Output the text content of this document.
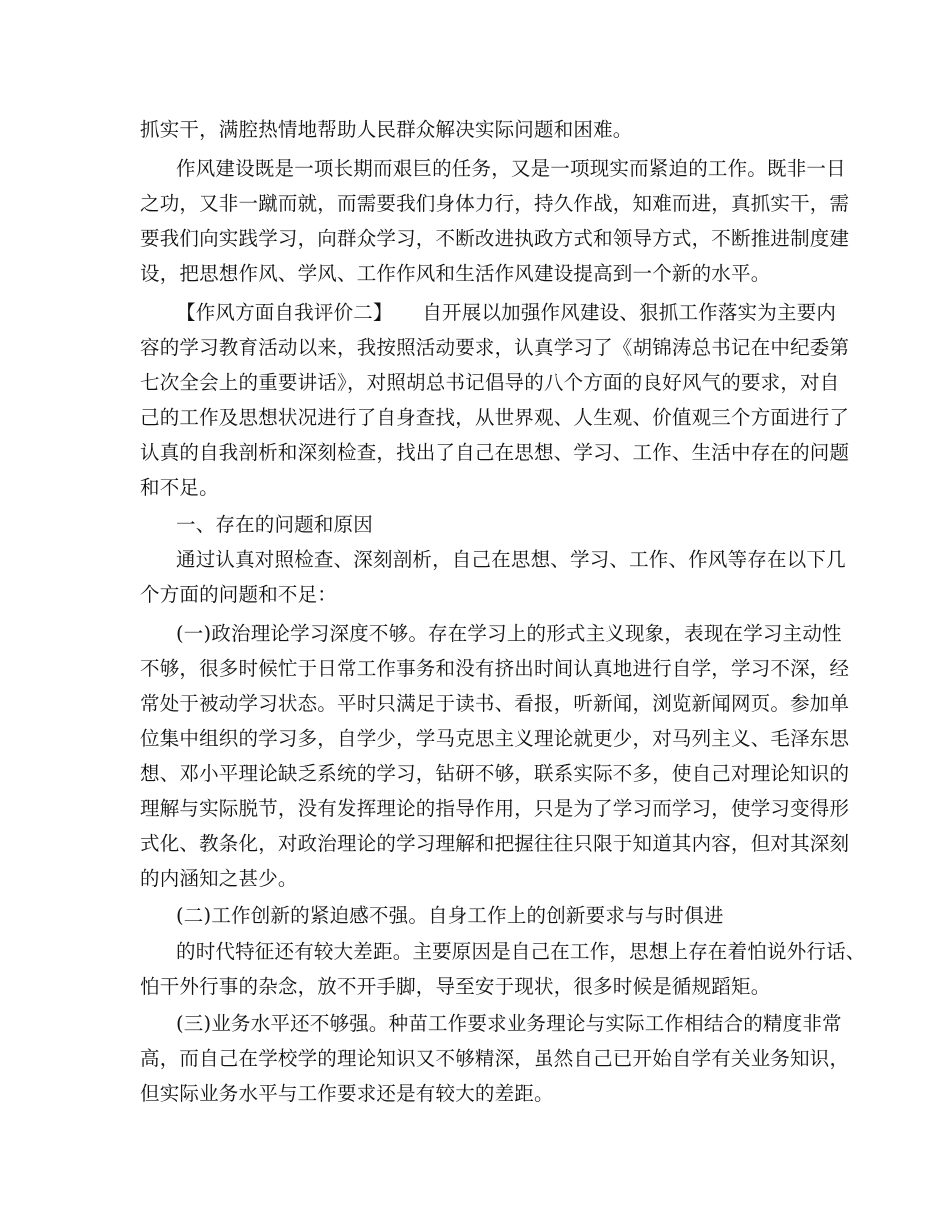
抓实干，满腔热情地帮助人民群众解决实际问题和困难。
作风建设既是一项长期而艰巨的任务，又是一项现实而紧迫的工作。既非一日
之功，又非一蹴而就，而需要我们身体力行，持久作战，知难而进，真抓实干，需
要我们向实践学习，向群众学习，不断改进执政方式和领导方式，不断推进制度建
设，把思想作风、学风、工作作风和生活作风建设提高到一个新的水平。
【作风方面自我评价二】　　自开展以加强作风建设、狠抓工作落实为主要内
容的学习教育活动以来，我按照活动要求，认真学习了《胡锦涛总书记在中纪委第
七次全会上的重要讲话》，对照胡总书记倡导的八个方面的良好风气的要求，对自
己的工作及思想状况进行了自身查找，从世界观、人生观、价值观三个方面进行了
认真的自我剖析和深刻检查，找出了自己在思想、学习、工作、生活中存在的问题
和不足。
一、存在的问题和原因
通过认真对照检查、深刻剖析，自己在思想、学习、工作、作风等存在以下几
个方面的问题和不足：
(一)政治理论学习深度不够。存在学习上的形式主义现象，表现在学习主动性
不够，很多时候忙于日常工作事务和没有挤出时间认真地进行自学，学习不深，经
常处于被动学习状态。平时只满足于读书、看报，听新闻，浏览新闻网页。参加单
位集中组织的学习多，自学少，学马克思主义理论就更少，对马列主义、毛泽东思
想、邓小平理论缺乏系统的学习，钻研不够，联系实际不多，使自己对理论知识的
理解与实际脱节，没有发挥理论的指导作用，只是为了学习而学习，使学习变得形
式化、教条化，对政治理论的学习理解和把握往往只限于知道其内容，但对其深刻
的内涵知之甚少。
(二)工作创新的紧迫感不强。自身工作上的创新要求与与时俱进
的时代特征还有较大差距。主要原因是自己在工作，思想上存在着怕说外行话、
怕干外行事的杂念，放不开手脚，导至安于现状，很多时候是循规蹈矩。
(三)业务水平还不够强。种苗工作要求业务理论与实际工作相结合的精度非常
高，而自己在学校学的理论知识又不够精深，虽然自己已开始自学有关业务知识，
但实际业务水平与工作要求还是有较大的差距。
